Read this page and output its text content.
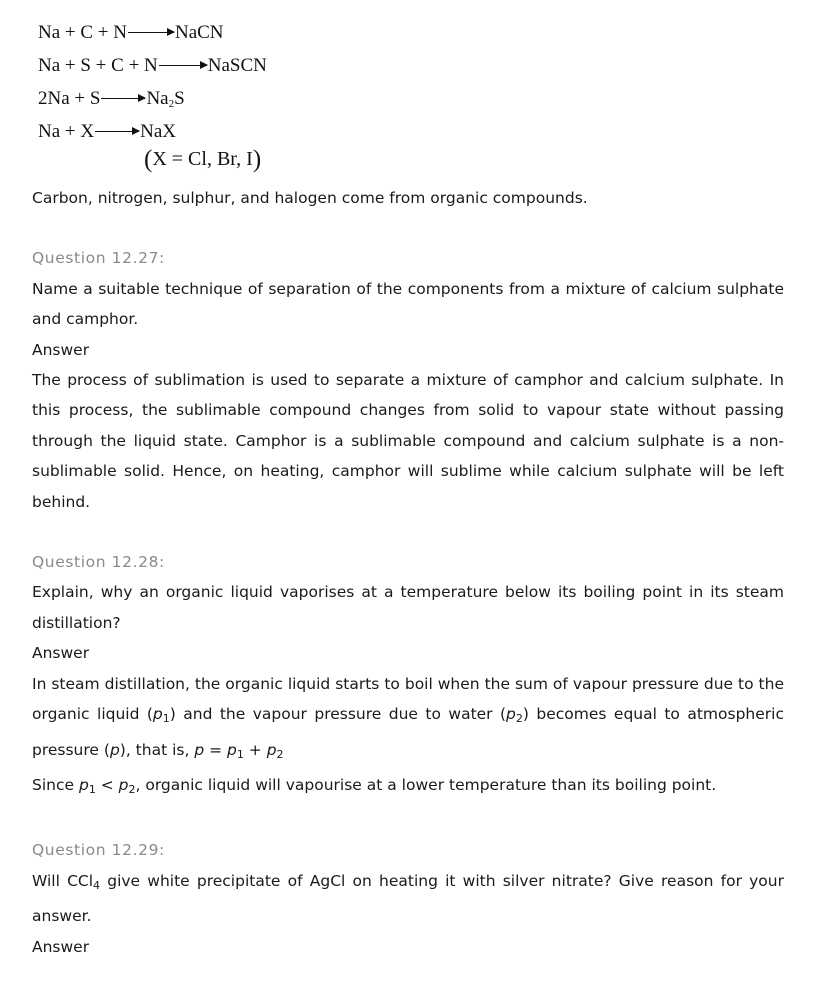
Na + C + N → NaCN
Na + S + C + N → NaSCN
$2Na + S \to Na_2S$
Na + X → NaX
(X = Cl, Br, I)

Carbon, nitrogen, sulphur, and halogen come from organic compounds.

Question 12.27:

Name a suitable technique of separation of the components from a mixture of calcium sulphate and camphor.

Answer

The process of sublimation is used to separate a mixture of camphor and calcium sulphate. In this process, the sublimable compound changes from solid to vapour state without passing through the liquid state. Camphor is a sublimable compound and calcium sulphate is a non-sublimable solid. Hence, on heating, camphor will sublime while calcium sulphate will be left behind.

Question 12.28:

Explain, why an organic liquid vaporises at a temperature below its boiling point in its steam distillation?

Answer

In steam distillation, the organic liquid starts to boil when the sum of vapour pressure due to the organic liquid $(p_1)$ and the vapour pressure due to water $(p_2)$ becomes equal to atmospheric pressure (p), that is, $p = p_1 + p_2$

Since $p_1 < p_2$, organic liquid will vapourise at a lower temperature than its boiling point.

Question 12.29:

Will CCl$_4$ give white precipitate of AgCl on heating it with silver nitrate? Give reason for your answer.

Answer
